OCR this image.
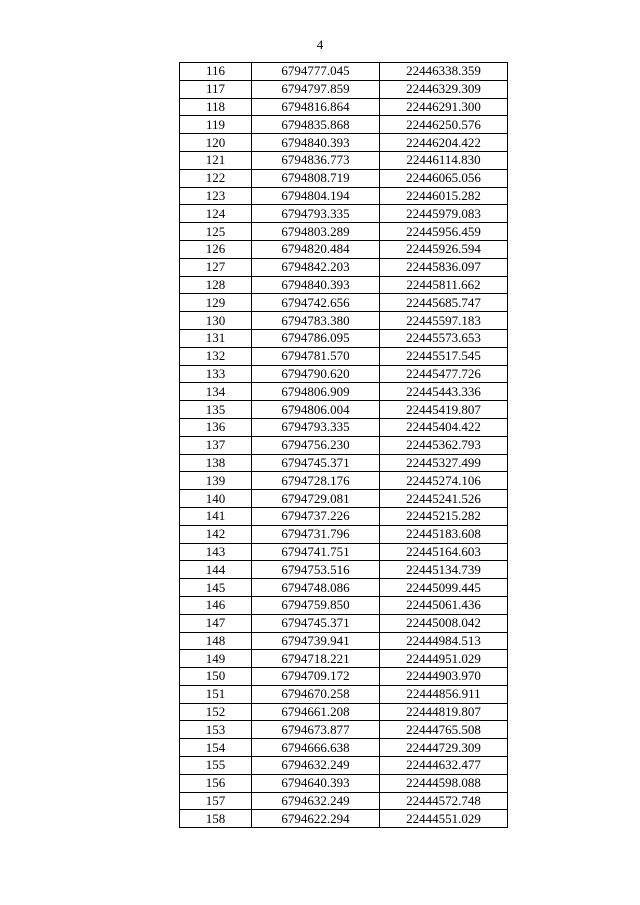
4
116	6794777.045	22446338.359
117	6794797.859	22446329.309
118	6794816.864	22446291.300
119	6794835.868	22446250.576
120	6794840.393	22446204.422
121	6794836.773	22446114.830
122	6794808.719	22446065.056
123	6794804.194	22446015.282
124	6794793.335	22445979.083
125	6794803.289	22445956.459
126	6794820.484	22445926.594
127	6794842.203	22445836.097
128	6794840.393	22445811.662
129	6794742.656	22445685.747
130	6794783.380	22445597.183
131	6794786.095	22445573.653
132	6794781.570	22445517.545
133	6794790.620	22445477.726
134	6794806.909	22445443.336
135	6794806.004	22445419.807
136	6794793.335	22445404.422
137	6794756.230	22445362.793
138	6794745.371	22445327.499
139	6794728.176	22445274.106
140	6794729.081	22445241.526
141	6794737.226	22445215.282
142	6794731.796	22445183.608
143	6794741.751	22445164.603
144	6794753.516	22445134.739
145	6794748.086	22445099.445
146	6794759.850	22445061.436
147	6794745.371	22445008.042
148	6794739.941	22444984.513
149	6794718.221	22444951.029
150	6794709.172	22444903.970
151	6794670.258	22444856.911
152	6794661.208	22444819.807
153	6794673.877	22444765.508
154	6794666.638	22444729.309
155	6794632.249	22444632.477
156	6794640.393	22444598.088
157	6794632.249	22444572.748
158	6794622.294	22444551.029
